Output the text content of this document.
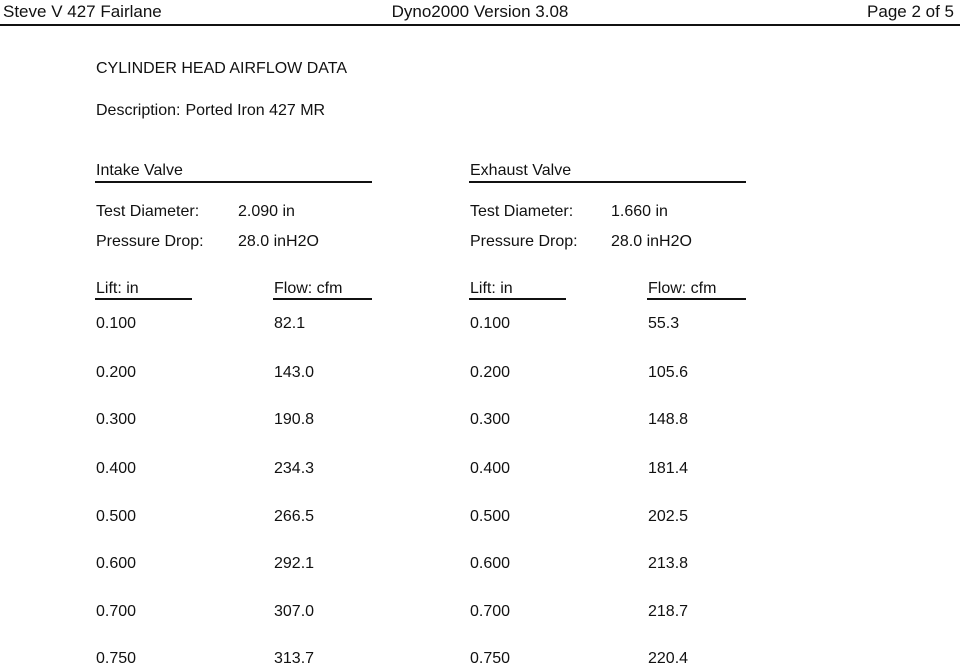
Steve V 427 Fairlane	Dyno2000 Version 3.08	Page 2 of 5
CYLINDER HEAD AIRFLOW DATA
Description: Ported Iron 427 MR
Intake Valve
Test Diameter: 2.090 in
Pressure Drop: 28.0 inH2O
Lift: in	Flow: cfm
0.100	82.1
0.200	143.0
0.300	190.8
0.400	234.3
0.500	266.5
0.600	292.1
0.700	307.0
0.750	313.7
Exhaust Valve
Test Diameter: 1.660 in
Pressure Drop: 28.0 inH2O
Lift: in	Flow: cfm
0.100	55.3
0.200	105.6
0.300	148.8
0.400	181.4
0.500	202.5
0.600	213.8
0.700	218.7
0.750	220.4
